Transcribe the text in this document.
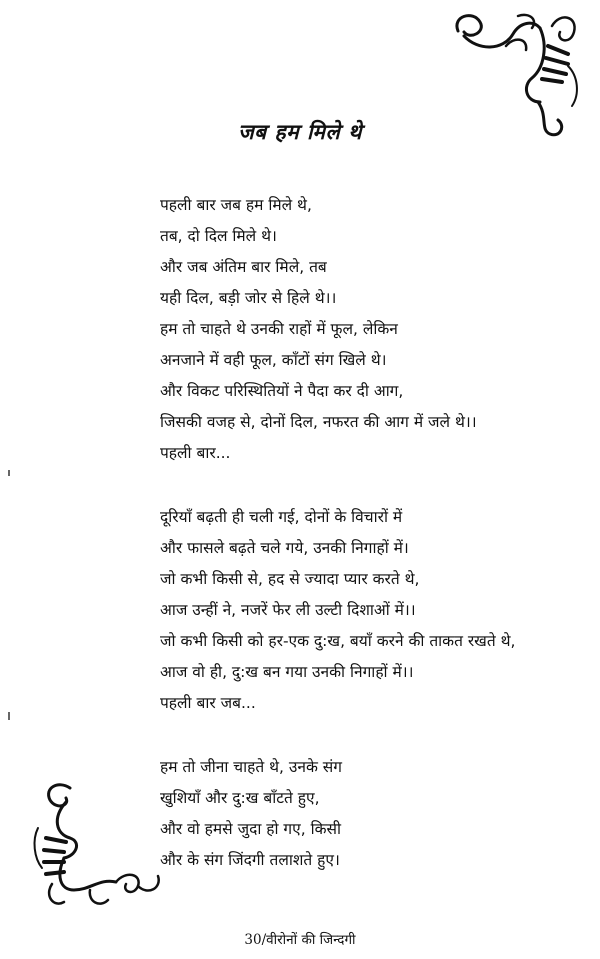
जब हम मिले थे
पहली बार जब हम मिले थे,
तब, दो दिल मिले थे।
और जब अंतिम बार मिले, तब
यही दिल, बड़ी जोर से हिले थे।।
हम तो चाहते थे उनकी राहों में फूल, लेकिन
अनजाने में वही फूल, काँटों संग खिले थे।
और विकट परिस्थितियों ने पैदा कर दी आग,
जिसकी वजह से, दोनों दिल, नफरत की आग में जले थे।।
पहली बार...
दूरियाँ बढ़ती ही चली गई, दोनों के विचारों में
और फासले बढ़ते चले गये, उनकी निगाहों में।
जो कभी किसी से, हद से ज्यादा प्यार करते थे,
आज उन्हीं ने, नजरें फेर ली उल्टी दिशाओं में।।
जो कभी किसी को हर-एक दु:ख, बयाँ करने की ताकत रखते थे,
आज वो ही, दु:ख बन गया उनकी निगाहों में।।
पहली बार जब...
हम तो जीना चाहते थे, उनके संग
खुशियाँ और दु:ख बाँटते हुए,
और वो हमसे जुदा हो गए, किसी
और के संग जिंदगी तलाशते हुए।
30/वीरोनों की जिन्दगी
